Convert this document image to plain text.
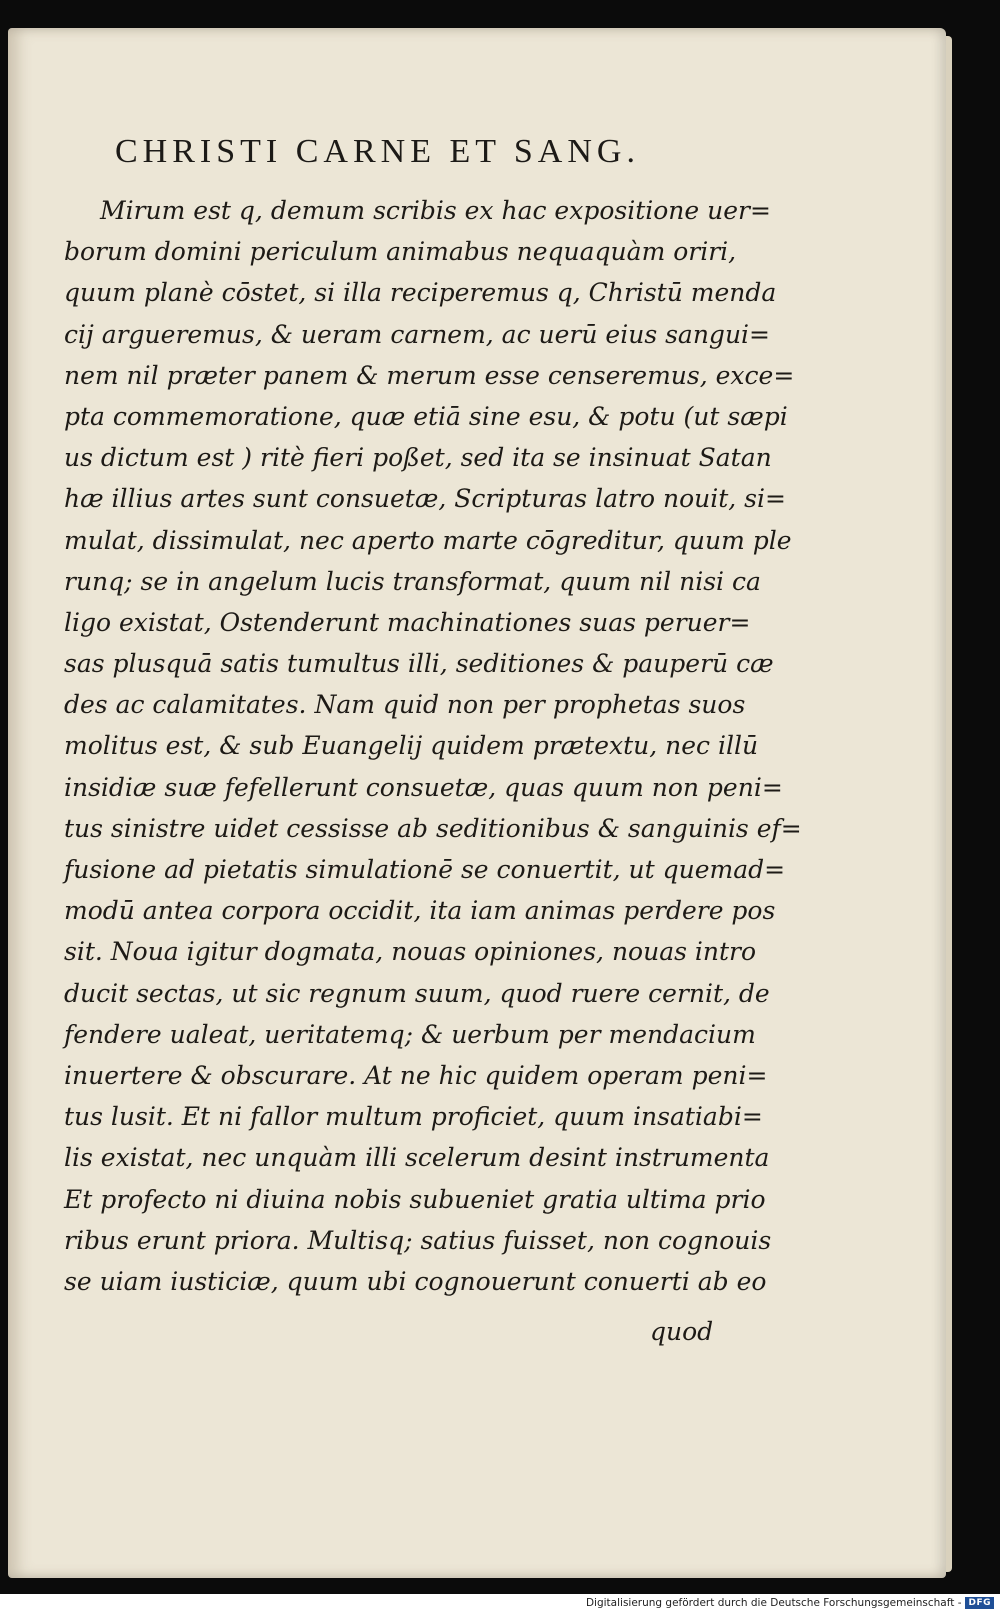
CHRISTI CARNE ET SANG.
Mirum est q, demum scribis ex hac expositione uer=
borum domini periculum animabus nequaquàm oriri,
quum planè cōstet, si illa reciperemus q, Christū menda
cij argueremus, & ueram carnem, ac uerū eius sangui=
nem nil præter panem & merum esse censeremus, exce=
pta commemoratione, quæ etiā sine esu, & potu (ut sæpi
us dictum est ) ritè fieri poßet, sed ita se insinuat Satan
hæ illius artes sunt consuetæ, Scripturas latro nouit, si=
mulat, dissimulat, nec aperto marte cōgreditur, quum ple
runq; se in angelum lucis transformat, quum nil nisi ca
ligo existat, Ostenderunt machinationes suas peruer=
sas plusquā satis tumultus illi, seditiones & pauperū cæ
des ac calamitates. Nam quid non per prophetas suos
molitus est, & sub Euangelij quidem prætextu, nec illū
insidiæ suæ fefellerunt consuetæ, quas quum non peni=
tus sinistre uidet cessisse ab seditionibus & sanguinis ef=
fusione ad pietatis simulationē se conuertit, ut quemad=
modū antea corpora occidit, ita iam animas perdere pos
sit. Noua igitur dogmata, nouas opiniones, nouas intro
ducit sectas, ut sic regnum suum, quod ruere cernit, de
fendere ualeat, ueritatemq; & uerbum per mendacium
inuertere & obscurare. At ne hic quidem operam peni=
tus lusit. Et ni fallor multum proficiet, quum insatiabi=
lis existat, nec unquàm illi scelerum desint instrumenta
Et profecto ni diuina nobis subueniet gratia ultima prio
ribus erunt priora. Multisq; satius fuisset, non cognouis
se uiam iusticiæ, quum ubi cognouerunt conuerti ab eo
quod
Digitalisierung gefördert durch die Deutsche Forschungsgemeinschaft - DFG
